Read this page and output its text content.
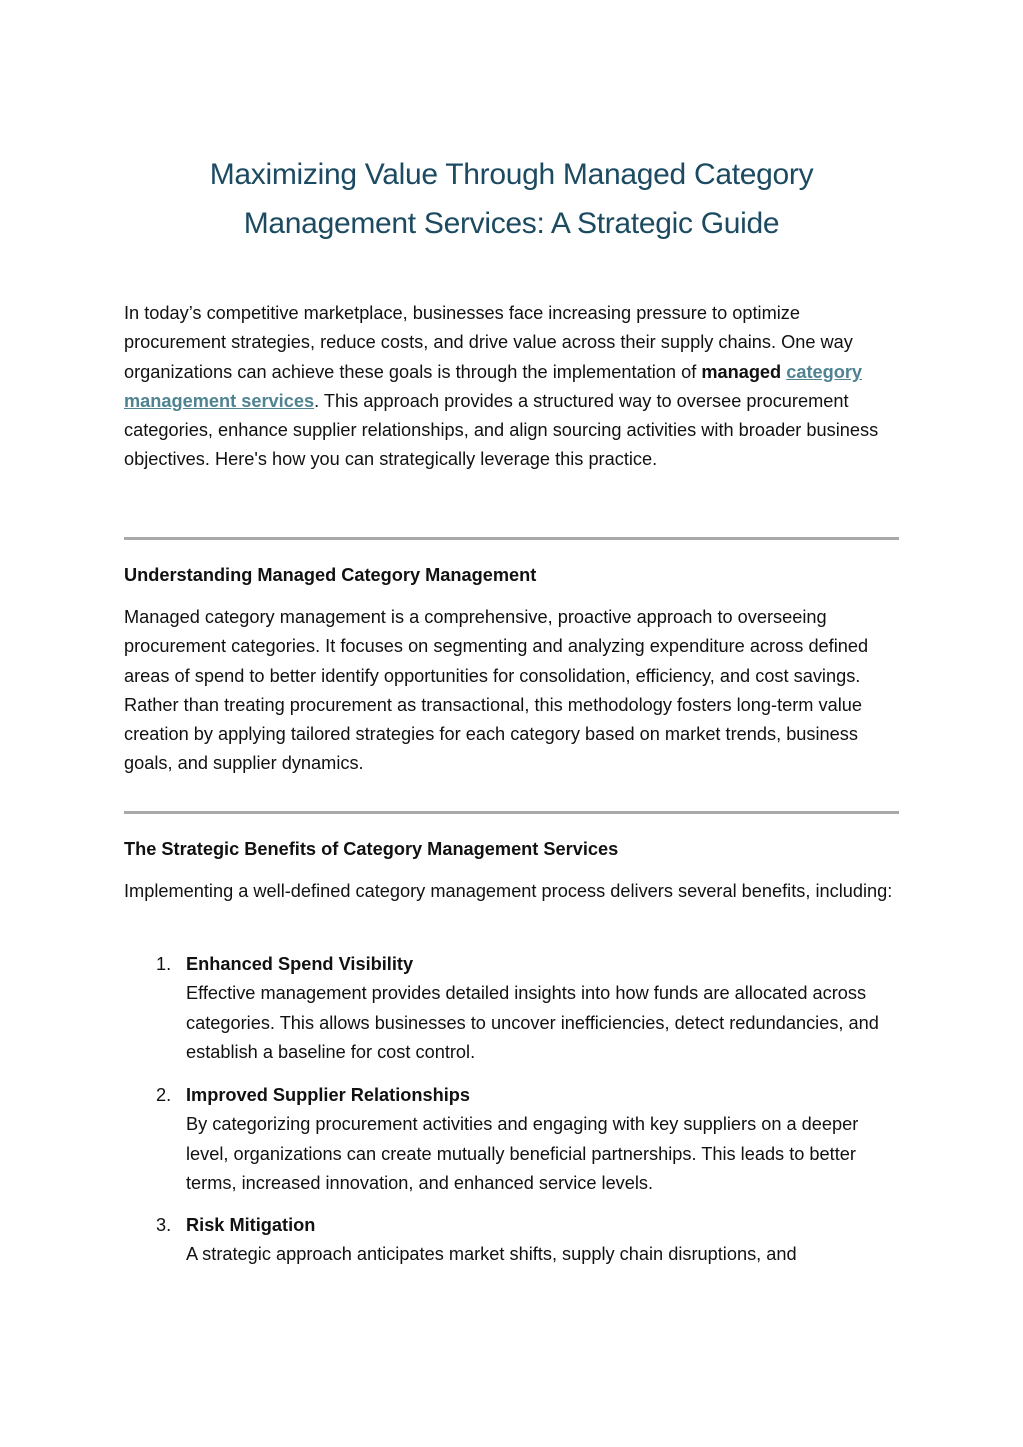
Maximizing Value Through Managed Category
Management Services: A Strategic Guide

In today’s competitive marketplace, businesses face increasing pressure to optimize procurement strategies, reduce costs, and drive value across their supply chains. One way organizations can achieve these goals is through the implementation of managed category management services. This approach provides a structured way to oversee procurement categories, enhance supplier relationships, and align sourcing activities with broader business objectives. Here's how you can strategically leverage this practice.

Understanding Managed Category Management

Managed category management is a comprehensive, proactive approach to overseeing procurement categories. It focuses on segmenting and analyzing expenditure across defined areas of spend to better identify opportunities for consolidation, efficiency, and cost savings. Rather than treating procurement as transactional, this methodology fosters long-term value creation by applying tailored strategies for each category based on market trends, business goals, and supplier dynamics.

The Strategic Benefits of Category Management Services

Implementing a well-defined category management process delivers several benefits, including:

1. Enhanced Spend Visibility
Effective management provides detailed insights into how funds are allocated across categories. This allows businesses to uncover inefficiencies, detect redundancies, and establish a baseline for cost control.
2. Improved Supplier Relationships
By categorizing procurement activities and engaging with key suppliers on a deeper level, organizations can create mutually beneficial partnerships. This leads to better terms, increased innovation, and enhanced service levels.
3. Risk Mitigation
A strategic approach anticipates market shifts, supply chain disruptions, and
